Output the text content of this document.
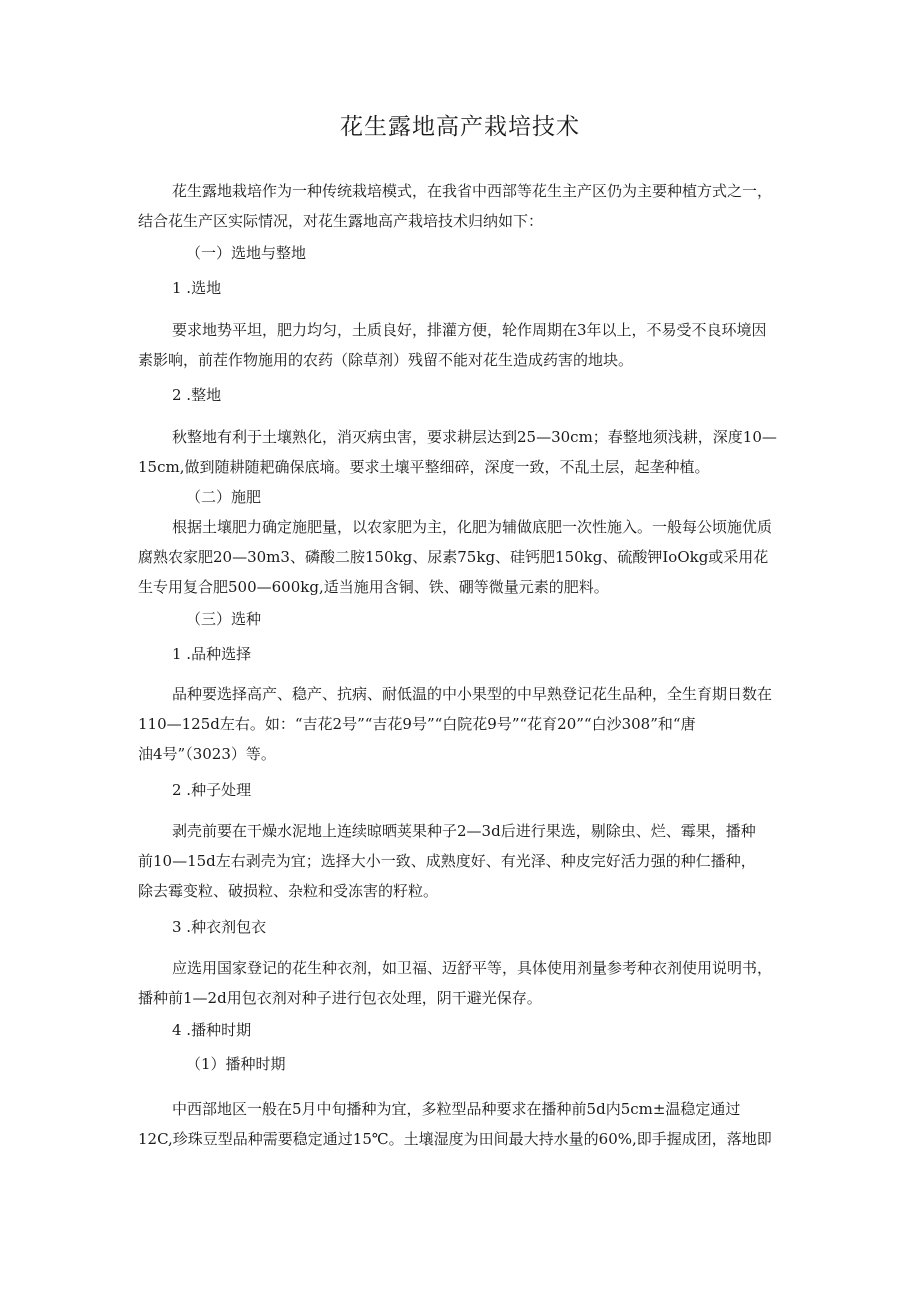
花生露地高产栽培技术
花生露地栽培作为一种传统栽培模式，在我省中西部等花生主产区仍为主要种植方式之一，
结合花生产区实际情况，对花生露地高产栽培技术归纳如下：
（一）选地与整地
1 .选地
要求地势平坦，肥力均匀，土质良好，排灌方便，轮作周期在3年以上，不易受不良环境因
素影响，前茬作物施用的农药（除草剂）残留不能对花生造成药害的地块。
2 .整地
秋整地有利于土壤熟化，消灭病虫害，要求耕层达到25—30cm；春整地须浅耕，深度10—
15cm,做到随耕随耙确保底墒。要求土壤平整细碎，深度一致，不乱土层，起垄种植。
（二）施肥
根据土壤肥力确定施肥量，以农家肥为主，化肥为辅做底肥一次性施入。一般每公顷施优质
腐熟农家肥20—30m3、磷酸二胺150kg、尿素75kg、硅钙肥150kg、硫酸钾IoOkg或采用花
生专用复合肥500—600kg,适当施用含铜、铁、硼等微量元素的肥料。
（三）选种
1 .品种选择
品种要选择高产、稳产、抗病、耐低温的中小果型的中早熟登记花生品种，全生育期日数在
110—125d左右。如：“吉花2号”“吉花9号”“白院花9号”“花育20”“白沙308”和“唐
油4号”（3023）等。
2 .种子处理
剥壳前要在干燥水泥地上连续晾晒荚果种子2—3d后进行果选，剔除虫、烂、霉果，播种
前10—15d左右剥壳为宜；选择大小一致、成熟度好、有光泽、种皮完好活力强的种仁播种，
除去霉变粒、破损粒、杂粒和受冻害的籽粒。
3 .种衣剂包衣
应选用国家登记的花生种衣剂，如卫福、迈舒平等，具体使用剂量参考种衣剂使用说明书，
播种前1—2d用包衣剂对种子进行包衣处理，阴干避光保存。
4 .播种时期
（1）播种时期
中西部地区一般在5月中旬播种为宜，多粒型品种要求在播种前5d内5cm±温稳定通过
12C,珍珠豆型品种需要稳定通过15℃。土壤湿度为田间最大持水量的60%,即手握成团，落地即
